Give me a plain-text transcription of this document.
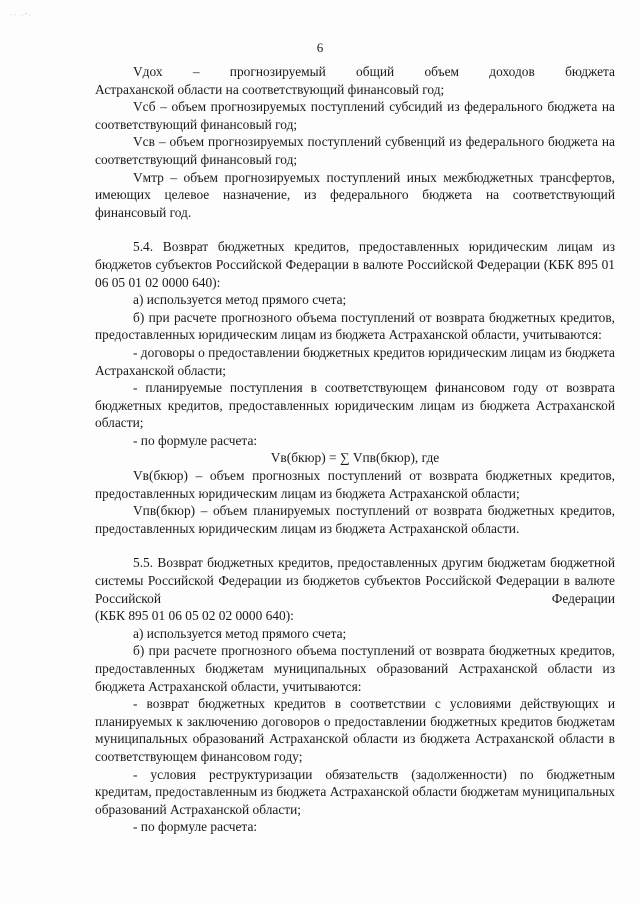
‧‧ ·'·
6

Vдох – прогнозируемый общий объем доходов бюджета

Астраханской области на соответствующий финансовый год;

Vсб – объем прогнозируемых поступлений субсидий из федерального бюджета на соответствующий финансовый год;

Vсв – объем прогнозируемых поступлений субвенций из федерального бюджета на соответствующий финансовый год;

Vмтр – объем прогнозируемых поступлений иных межбюджетных трансфертов, имеющих целевое назначение, из федерального бюджета на соответствующий финансовый год.

5.4. Возврат бюджетных кредитов, предоставленных юридическим лицам из бюджетов субъектов Российской Федерации в валюте Российской Федерации (КБК 895 01 06 05 01 02 0000 640):

а) используется метод прямого счета;

б) при расчете прогнозного объема поступлений от возврата бюджетных кредитов, предоставленных юридическим лицам из бюджета Астраханской области, учитываются:

- договоры о предоставлении бюджетных кредитов юридическим лицам из бюджета Астраханской области;

- планируемые поступления в соответствующем финансовом году от возврата бюджетных кредитов, предоставленных юридическим лицам из бюджета Астраханской области;

- по формуле расчета:

Vв(бкюр) = ∑ Vпв(бкюр), где

Vв(бкюр) – объем прогнозных поступлений от возврата бюджетных кредитов, предоставленных юридическим лицам из бюджета Астраханской области;

Vпв(бкюр) – объем планируемых поступлений от возврата бюджетных кредитов, предоставленных юридическим лицам из бюджета Астраханской области.

5.5. Возврат бюджетных кредитов, предоставленных другим бюджетам бюджетной системы Российской Федерации из бюджетов субъектов Российской Федерации в валюте Российской Федерации

(КБК 895 01 06 05 02 02 0000 640):

а) используется метод прямого счета;

б) при расчете прогнозного объема поступлений от возврата бюджетных кредитов, предоставленных бюджетам муниципальных образований Астраханской области из бюджета Астраханской области, учитываются:

- возврат бюджетных кредитов в соответствии с условиями действующих и планируемых к заключению договоров о предоставлении бюджетных кредитов бюджетам муниципальных образований Астраханской области из бюджета Астраханской области в соответствующем финансовом году;

- условия реструктуризации обязательств (задолженности) по бюджетным кредитам, предоставленным из бюджета Астраханской области бюджетам муниципальных образований Астраханской области;

- по формуле расчета:
